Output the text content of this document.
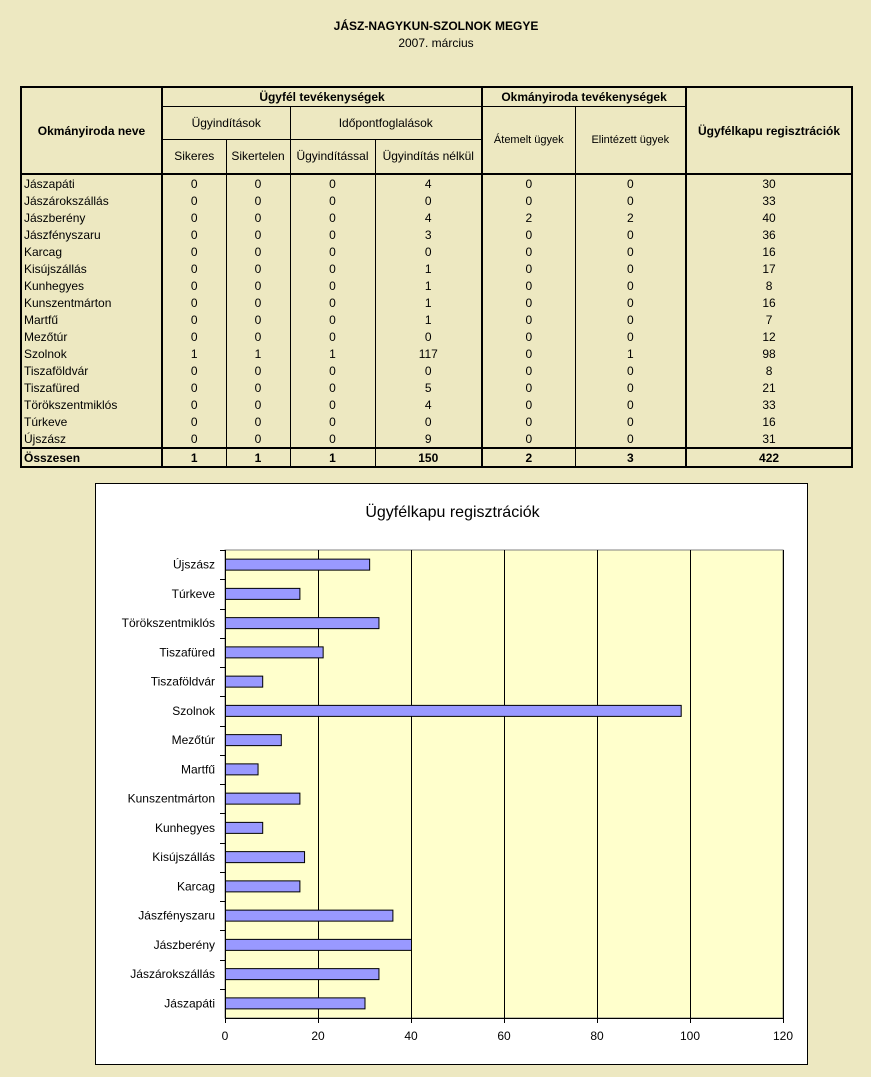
JÁSZ-NAGYKUN-SZOLNOK MEGYE
2007. március
Okmányiroda neve	Ügyfél tevékenységek				Okmányiroda tevékenységek		Ügyfélkapu regisztrációk
	Ügyindítások		Időpontfoglalások		Átemelt ügyek	Elintézett ügyek	
	Sikeres	Sikertelen	Ügyindítással	Ügyindítás nélkül			
Jászapáti	0	0	0	4	0	0	30
Jászárokszállás	0	0	0	0	0	0	33
Jászberény	0	0	0	4	2	2	40
Jászfényszaru	0	0	0	3	0	0	36
Karcag	0	0	0	0	0	0	16
Kisújszállás	0	0	0	1	0	0	17
Kunhegyes	0	0	0	1	0	0	8
Kunszentmárton	0	0	0	1	0	0	16
Martfű	0	0	0	1	0	0	7
Mezőtúr	0	0	0	0	0	0	12
Szolnok	1	1	1	117	0	1	98
Tiszaföldvár	0	0	0	0	0	0	8
Tiszafüred	0	0	0	5	0	0	21
Törökszentmiklós	0	0	0	4	0	0	33
Túrkeve	0	0	0	0	0	0	16
Újszász	0	0	0	9	0	0	31
Összesen	1	1	1	150	2	3	422
Ügyfélkapu regisztrációk
0	20	40	60	80	100	120
Újszász
Túrkeve
Törökszentmiklós
Tiszafüred
Tiszaföldvár
Szolnok
Mezőtúr
Martfű
Kunszentmárton
Kunhegyes
Kisújszállás
Karcag
Jászfényszaru
Jászberény
Jászárokszállás
Jászapáti
